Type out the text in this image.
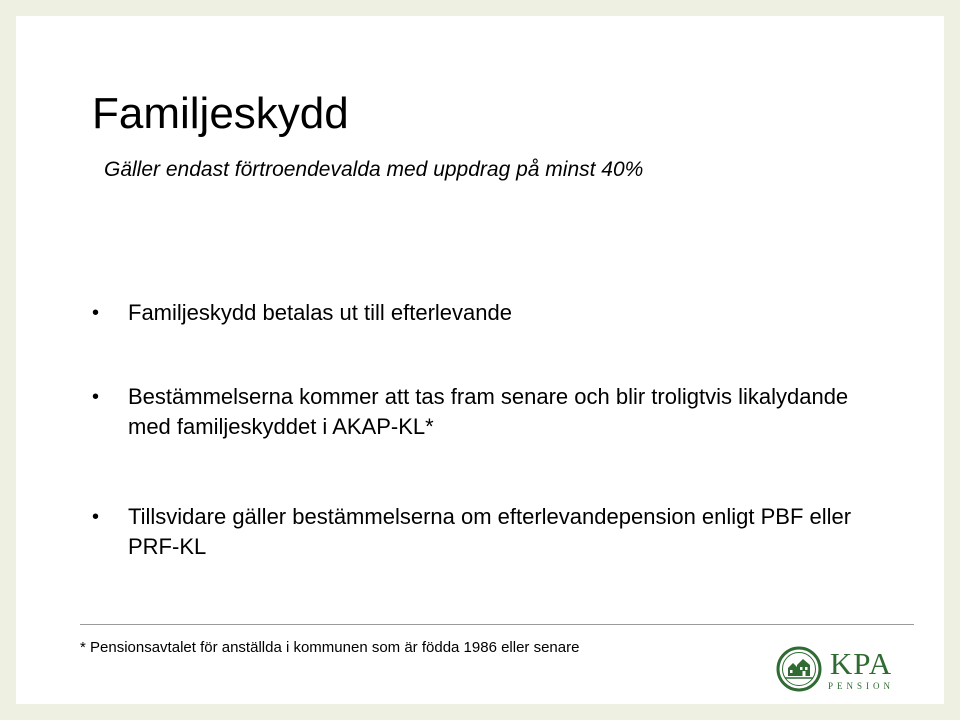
Familjeskydd
Gäller endast förtroendevalda med uppdrag på minst 40%
•	Familjeskydd betalas ut till efterlevande
•	Bestämmelserna kommer att tas fram senare och blir troligtvis likalydande med familjeskyddet i AKAP-KL*
•	Tillsvidare gäller bestämmelserna om efterlevandepension enligt PBF eller PRF-KL
* Pensionsavtalet för anställda i kommunen som är födda 1986 eller senare	KPA
PENSION
